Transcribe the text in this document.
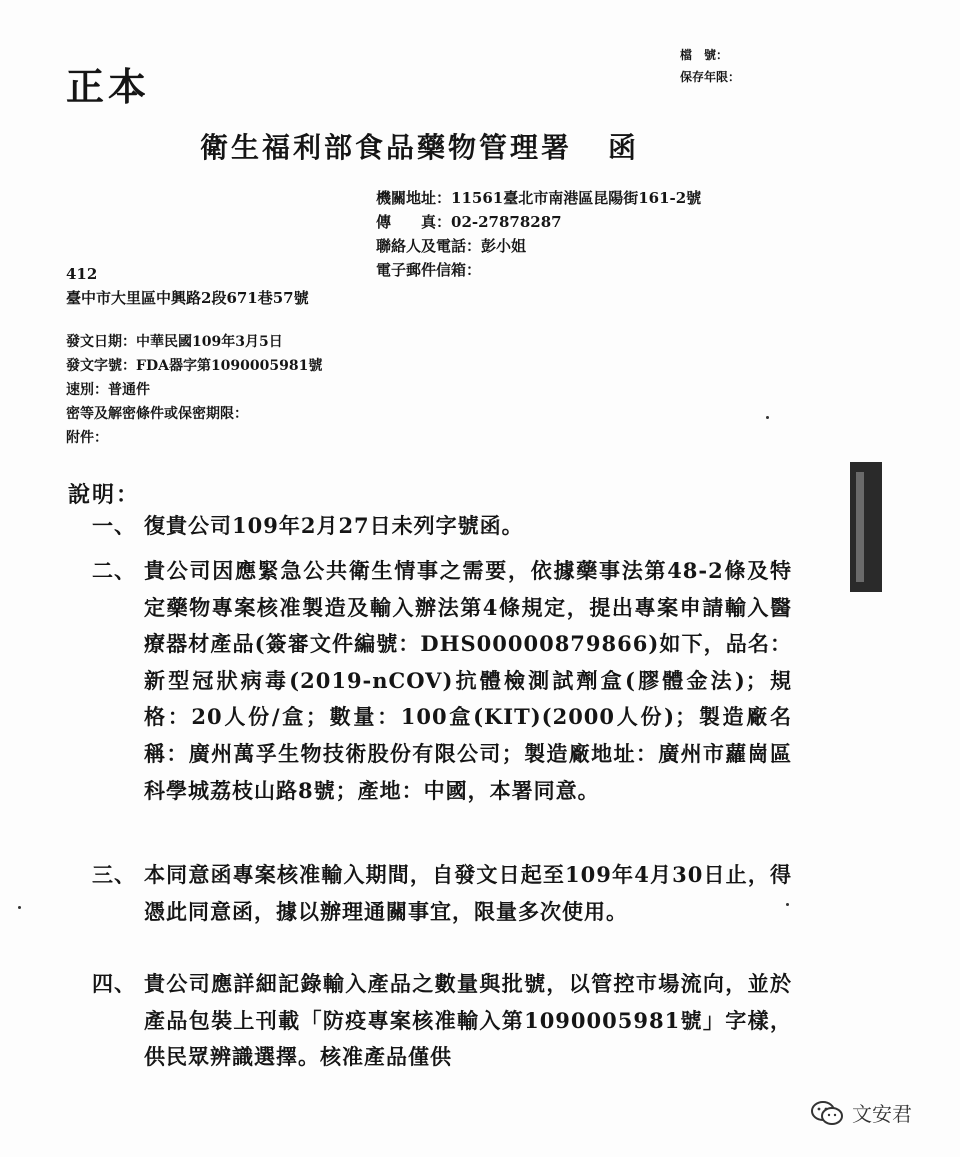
正本
檔　號：
保存年限：
衛生福利部食品藥物管理署 函
機關地址： 11561臺北市南港區昆陽街161-2號
傳　　真： 02-27878287
聯絡人及電話： 彭小姐
電子郵件信箱：
412
臺中市大里區中興路2段671巷57號
發文日期：中華民國109年3月5日
發文字號：FDA器字第1090005981號
速別：普通件
密等及解密條件或保密期限：
附件：
說明：
一、 復貴公司109年2月27日未列字號函。
二、 貴公司因應緊急公共衛生情事之需要，依據藥事法第48-2條及特定藥物專案核准製造及輸入辦法第4條規定，提出專案申請輸入醫療器材產品(簽審文件編號：DHS00000879866)如下，品名：新型冠狀病毒(2019-nCOV)抗體檢測試劑盒(膠體金法)；規格：20人份/盒；數量：100盒(KIT)(2000人份)；製造廠名稱：廣州萬孚生物技術股份有限公司；製造廠地址：廣州市蘿崗區科學城荔枝山路8號；產地：中國，本署同意。
三、 本同意函專案核准輸入期間，自發文日起至109年4月30日止，得憑此同意函，據以辦理通關事宜，限量多次使用。
四、 貴公司應詳細記錄輸入產品之數量與批號，以管控市場流向，並於產品包裝上刊載「防疫專案核准輸入第1090005981號」字樣，供民眾辨識選擇。核准產品僅供
文安君
